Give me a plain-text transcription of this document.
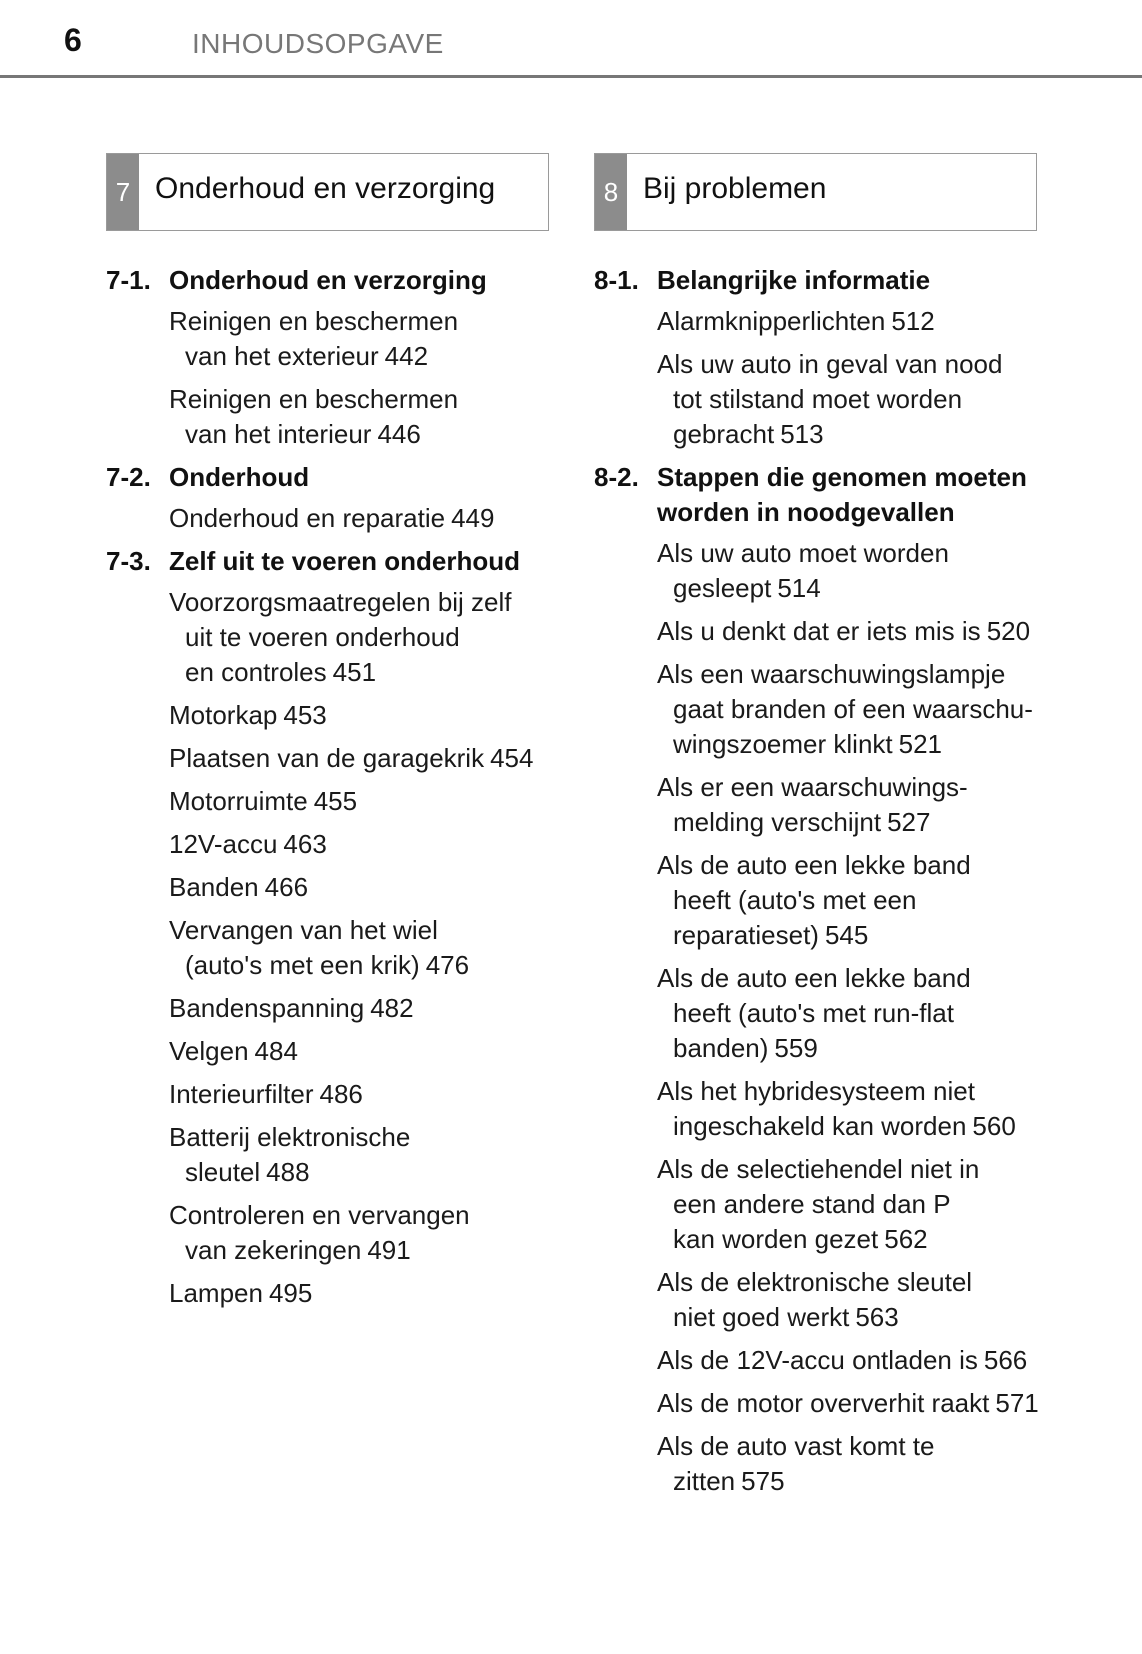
6	INHOUDSOPGAVE
7 Onderhoud en verzorging
7-1. Onderhoud en verzorging
Reinigen en beschermen
van het exterieur 442
Reinigen en beschermen
van het interieur 446
7-2. Onderhoud
Onderhoud en reparatie 449
7-3. Zelf uit te voeren onderhoud
Voorzorgsmaatregelen bij zelf
uit te voeren onderhoud
en controles 451
Motorkap 453
Plaatsen van de garagekrik 454
Motorruimte 455
12V-accu 463
Banden 466
Vervangen van het wiel
(auto's met een krik) 476
Bandenspanning 482
Velgen 484
Interieurfilter 486
Batterij elektronische
sleutel 488
Controleren en vervangen
van zekeringen 491
Lampen 495
8 Bij problemen
8-1. Belangrijke informatie
Alarmknipperlichten 512
Als uw auto in geval van nood
tot stilstand moet worden
gebracht 513
8-2. Stappen die genomen moeten
worden in noodgevallen
Als uw auto moet worden
gesleept 514
Als u denkt dat er iets mis is 520
Als een waarschuwingslampje
gaat branden of een waarschu-
wingszoemer klinkt 521
Als er een waarschuwings-
melding verschijnt 527
Als de auto een lekke band
heeft (auto's met een
reparatieset) 545
Als de auto een lekke band
heeft (auto's met run-flat
banden) 559
Als het hybridesysteem niet
ingeschakeld kan worden 560
Als de selectiehendel niet in
een andere stand dan P
kan worden gezet 562
Als de elektronische sleutel
niet goed werkt 563
Als de 12V-accu ontladen is 566
Als de motor oververhit raakt 571
Als de auto vast komt te
zitten 575
